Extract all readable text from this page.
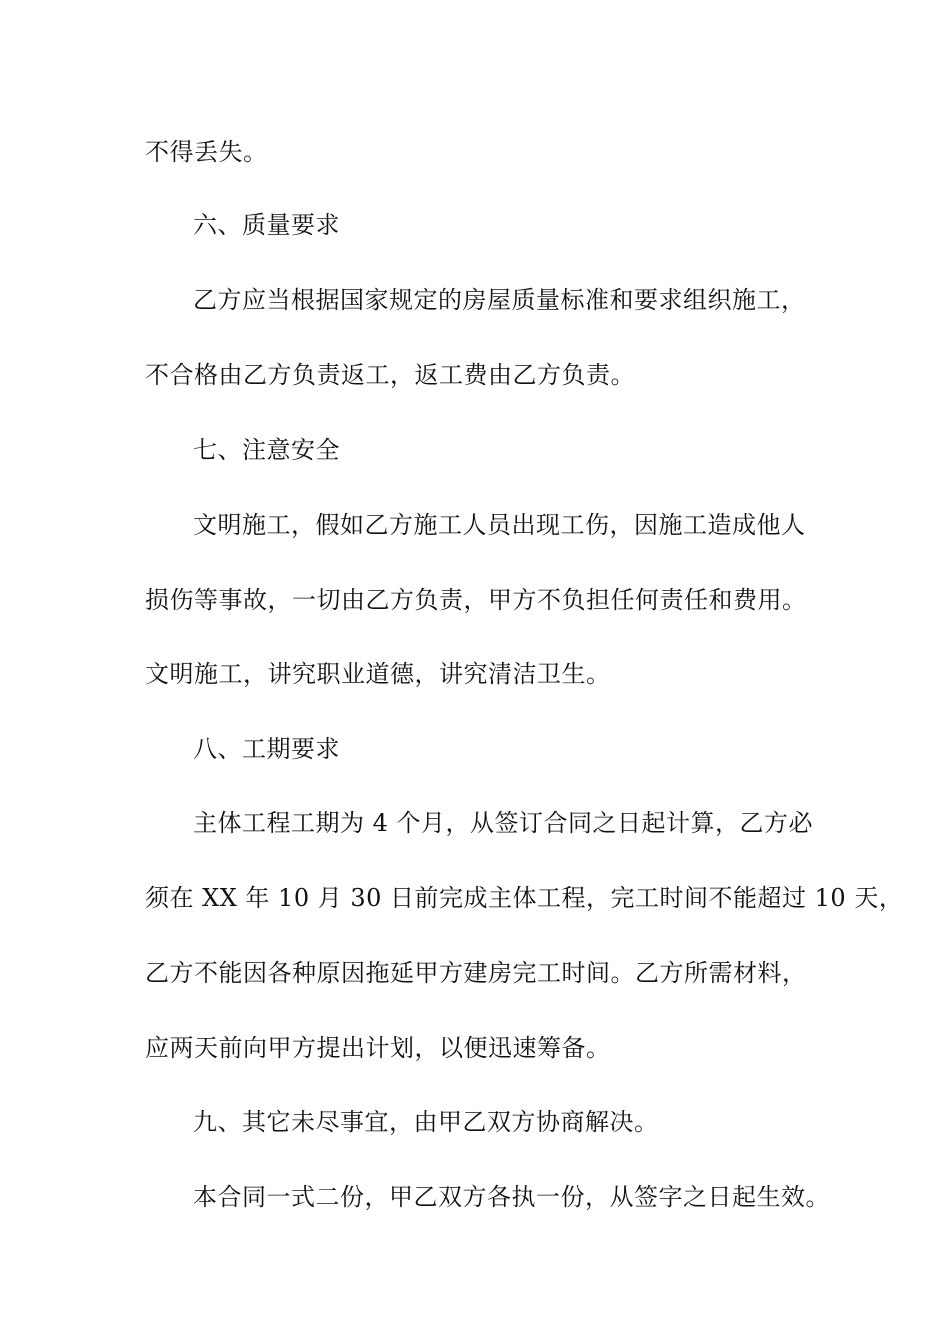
不得丢失。
六、质量要求
乙方应当根据国家规定的房屋质量标准和要求组织施工，
不合格由乙方负责返工，返工费由乙方负责。
七、注意安全
文明施工，假如乙方施工人员出现工伤，因施工造成他人
损伤等事故，一切由乙方负责，甲方不负担任何责任和费用。
文明施工，讲究职业道德，讲究清洁卫生。
八、工期要求
主体工程工期为 4 个月，从签订合同之日起计算，乙方必
须在 XX 年 10 月 30 日前完成主体工程，完工时间不能超过 10 天，
乙方不能因各种原因拖延甲方建房完工时间。乙方所需材料，
应两天前向甲方提出计划，以便迅速筹备。
九、其它未尽事宜，由甲乙双方协商解决。
本合同一式二份，甲乙双方各执一份，从签字之日起生效。
